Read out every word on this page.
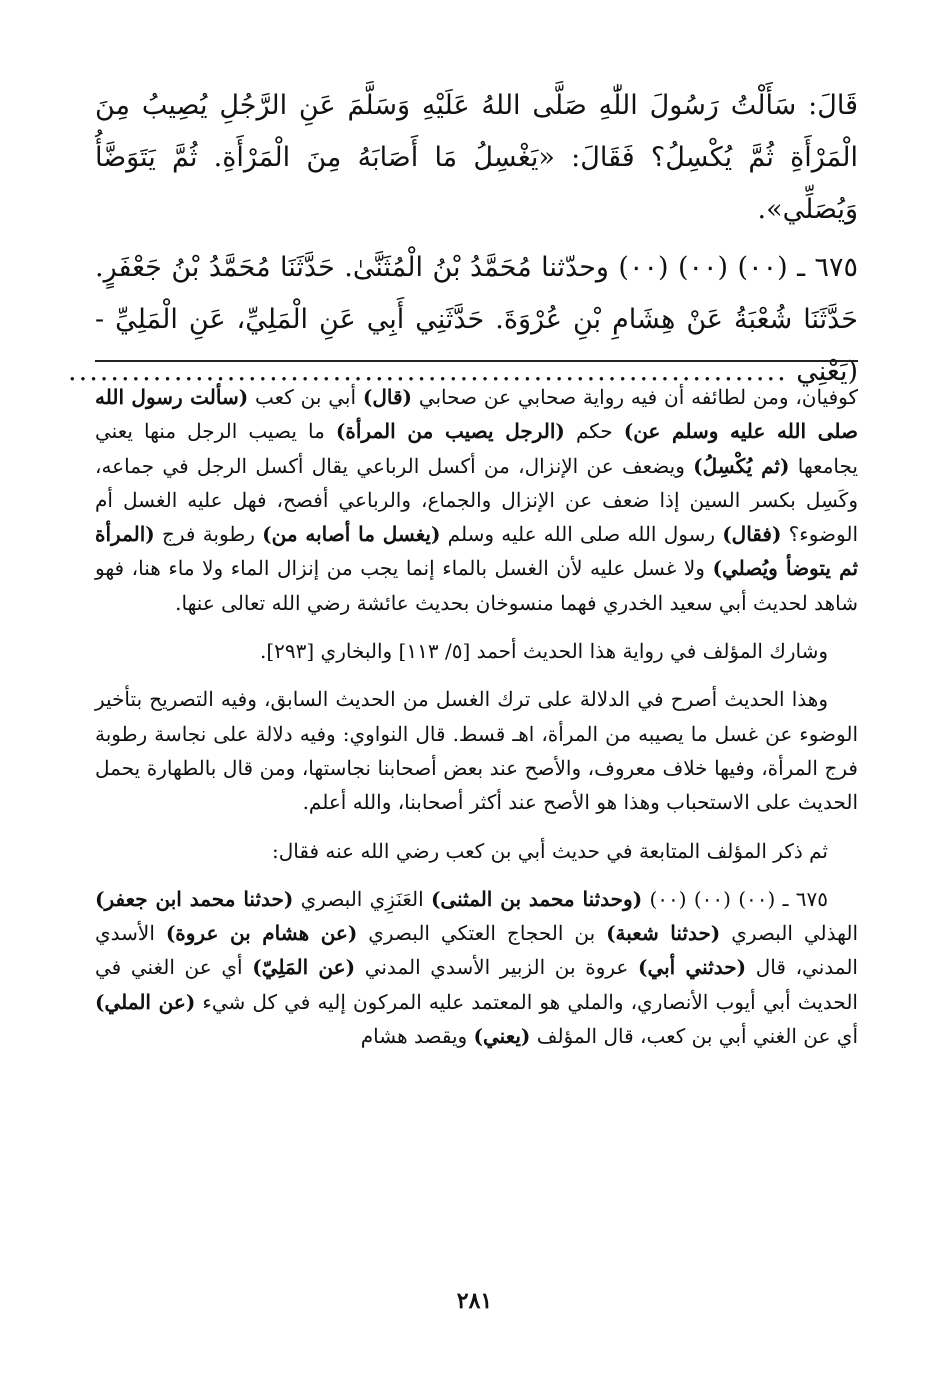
قَالَ: سَأَلْتُ رَسُولَ اللّٰهِ صَلَّى اللهُ عَلَيْهِ وَسَلَّمَ عَنِ الرَّجُلِ يُصِيبُ مِنَ الْمَرْأَةِ ثُمَّ يُكْسِلُ؟ فَقَالَ: «يَغْسِلُ مَا أَصَابَهُ مِنَ الْمَرْأَةِ. ثُمَّ يَتَوَضَّأُ وَيُصَلِّي».

٦٧٥ ـ (٠٠) (٠٠) (٠٠) وحدّثنا مُحَمَّدُ بْنُ الْمُثَنَّىٰ. حَدَّثَنَا مُحَمَّدُ بْنُ جَعْفَرٍ. حَدَّثَنَا شُعْبَةُ عَنْ هِشَامِ بْنِ عُرْوَةَ. حَدَّثَنِي أَبِي عَنِ الْمَلِيِّ، عَنِ الْمَلِيِّ - (يَعْنِي ....................................................................

كوفيان، ومن لطائفه أن فيه رواية صحابي عن صحابي (قال) أبي بن كعب (سألت رسول الله صلى الله عليه وسلم عن) حكم (الرجل يصيب من المرأة) ما يصيب الرجل منها يعني يجامعها (ثم يُكْسِلُ) ويضعف عن الإنزال، من أكسل الرباعي يقال أكسل الرجل في جماعه، وكَسِل بكسر السين إذا ضعف عن الإنزال والجماع، والرباعي أفصح، فهل عليه الغسل أم الوضوء؟ (فقال) رسول الله صلى الله عليه وسلم (يغسل ما أصابه من) رطوبة فرج (المرأة ثم يتوضأ ويُصلي) ولا غسل عليه لأن الغسل بالماء إنما يجب من إنزال الماء ولا ماء هنا، فهو شاهد لحديث أبي سعيد الخدري فهما منسوخان بحديث عائشة رضي الله تعالى عنها.

وشارك المؤلف في رواية هذا الحديث أحمد [٥/ ١١٣] والبخاري [٢٩٣].

وهذا الحديث أصرح في الدلالة على ترك الغسل من الحديث السابق، وفيه التصريح بتأخير الوضوء عن غسل ما يصيبه من المرأة، اهـ قسط. قال النواوي: وفيه دلالة على نجاسة رطوبة فرج المرأة، وفيها خلاف معروف، والأصح عند بعض أصحابنا نجاستها، ومن قال بالطهارة يحمل الحديث على الاستحباب وهذا هو الأصح عند أكثر أصحابنا، والله أعلم.

ثم ذكر المؤلف المتابعة في حديث أبي بن كعب رضي الله عنه فقال:

٦٧٥ ـ (٠٠) (٠٠) (٠٠) (وحدثنا محمد بن المثنى) العَنَزِي البصري (حدثنا محمد ابن جعفر) الهذلي البصري (حدثنا شعبة) بن الحجاج العتكي البصري (عن هشام بن عروة) الأسدي المدني، قال (حدثني أبي) عروة بن الزبير الأسدي المدني (عن المَلِيّ) أي عن الغني في الحديث أبي أيوب الأنصاري، والملي هو المعتمد عليه المركون إليه في كل شيء (عن الملي) أي عن الغني أبي بن كعب، قال المؤلف (يعني) ويقصد هشام

٢٨١
